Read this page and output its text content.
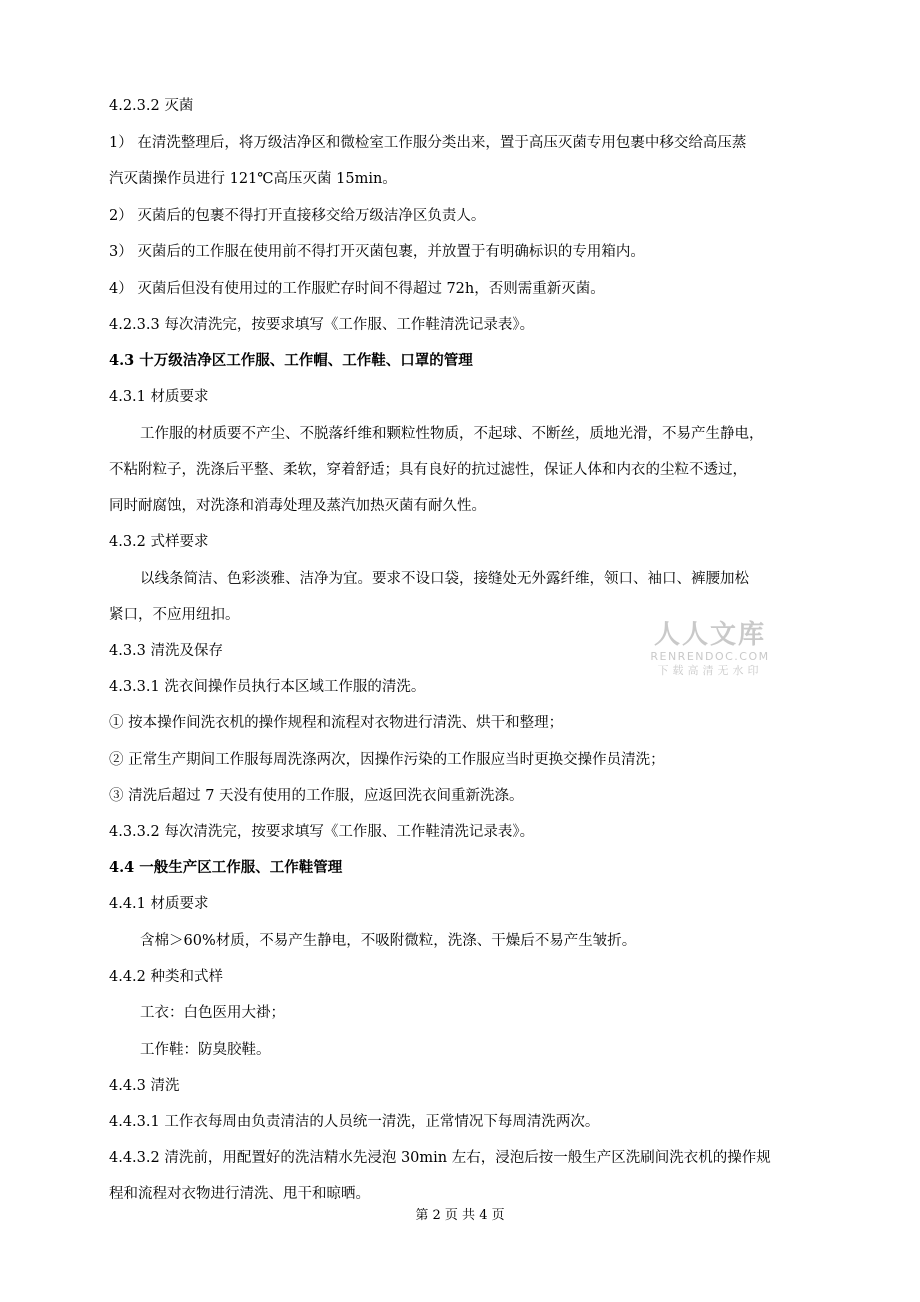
4.2.3.2 灭菌
1） 在清洗整理后，将万级洁净区和微检室工作服分类出来，置于高压灭菌专用包裹中移交给高压蒸
汽灭菌操作员进行 121℃高压灭菌 15min。
2） 灭菌后的包裹不得打开直接移交给万级洁净区负责人。
3） 灭菌后的工作服在使用前不得打开灭菌包裹，并放置于有明确标识的专用箱内。
4） 灭菌后但没有使用过的工作服贮存时间不得超过 72h，否则需重新灭菌。
4.2.3.3 每次清洗完，按要求填写《工作服、工作鞋清洗记录表》。
4.3 十万级洁净区工作服、工作帽、工作鞋、口罩的管理
4.3.1 材质要求
工作服的材质要不产尘、不脱落纤维和颗粒性物质，不起球、不断丝，质地光滑，不易产生静电，
不粘附粒子，洗涤后平整、柔软，穿着舒适；具有良好的抗过滤性，保证人体和内衣的尘粒不透过，
同时耐腐蚀，对洗涤和消毒处理及蒸汽加热灭菌有耐久性。
4.3.2 式样要求
以线条简洁、色彩淡雅、洁净为宜。要求不设口袋，接缝处无外露纤维，领口、袖口、裤腰加松
紧口，不应用纽扣。
4.3.3 清洗及保存
4.3.3.1 洗衣间操作员执行本区域工作服的清洗。
① 按本操作间洗衣机的操作规程和流程对衣物进行清洗、烘干和整理；
② 正常生产期间工作服每周洗涤两次，因操作污染的工作服应当时更换交操作员清洗；
③ 清洗后超过 7 天没有使用的工作服，应返回洗衣间重新洗涤。
4.3.3.2 每次清洗完，按要求填写《工作服、工作鞋清洗记录表》。
4.4 一般生产区工作服、工作鞋管理
4.4.1 材质要求
含棉＞60%材质，不易产生静电，不吸附微粒，洗涤、干燥后不易产生皱折。
4.4.2 种类和式样
工衣：白色医用大褂；
工作鞋：防臭胶鞋。
4.4.3 清洗
4.4.3.1 工作衣每周由负责清洁的人员统一清洗，正常情况下每周清洗两次。
4.4.3.2 清洗前，用配置好的洗洁精水先浸泡 30min 左右，浸泡后按一般生产区洗刷间洗衣机的操作规
程和流程对衣物进行清洗、甩干和晾晒。
人人文库
RENRENDOC.COM
下载高清无水印
第 2 页 共 4 页
